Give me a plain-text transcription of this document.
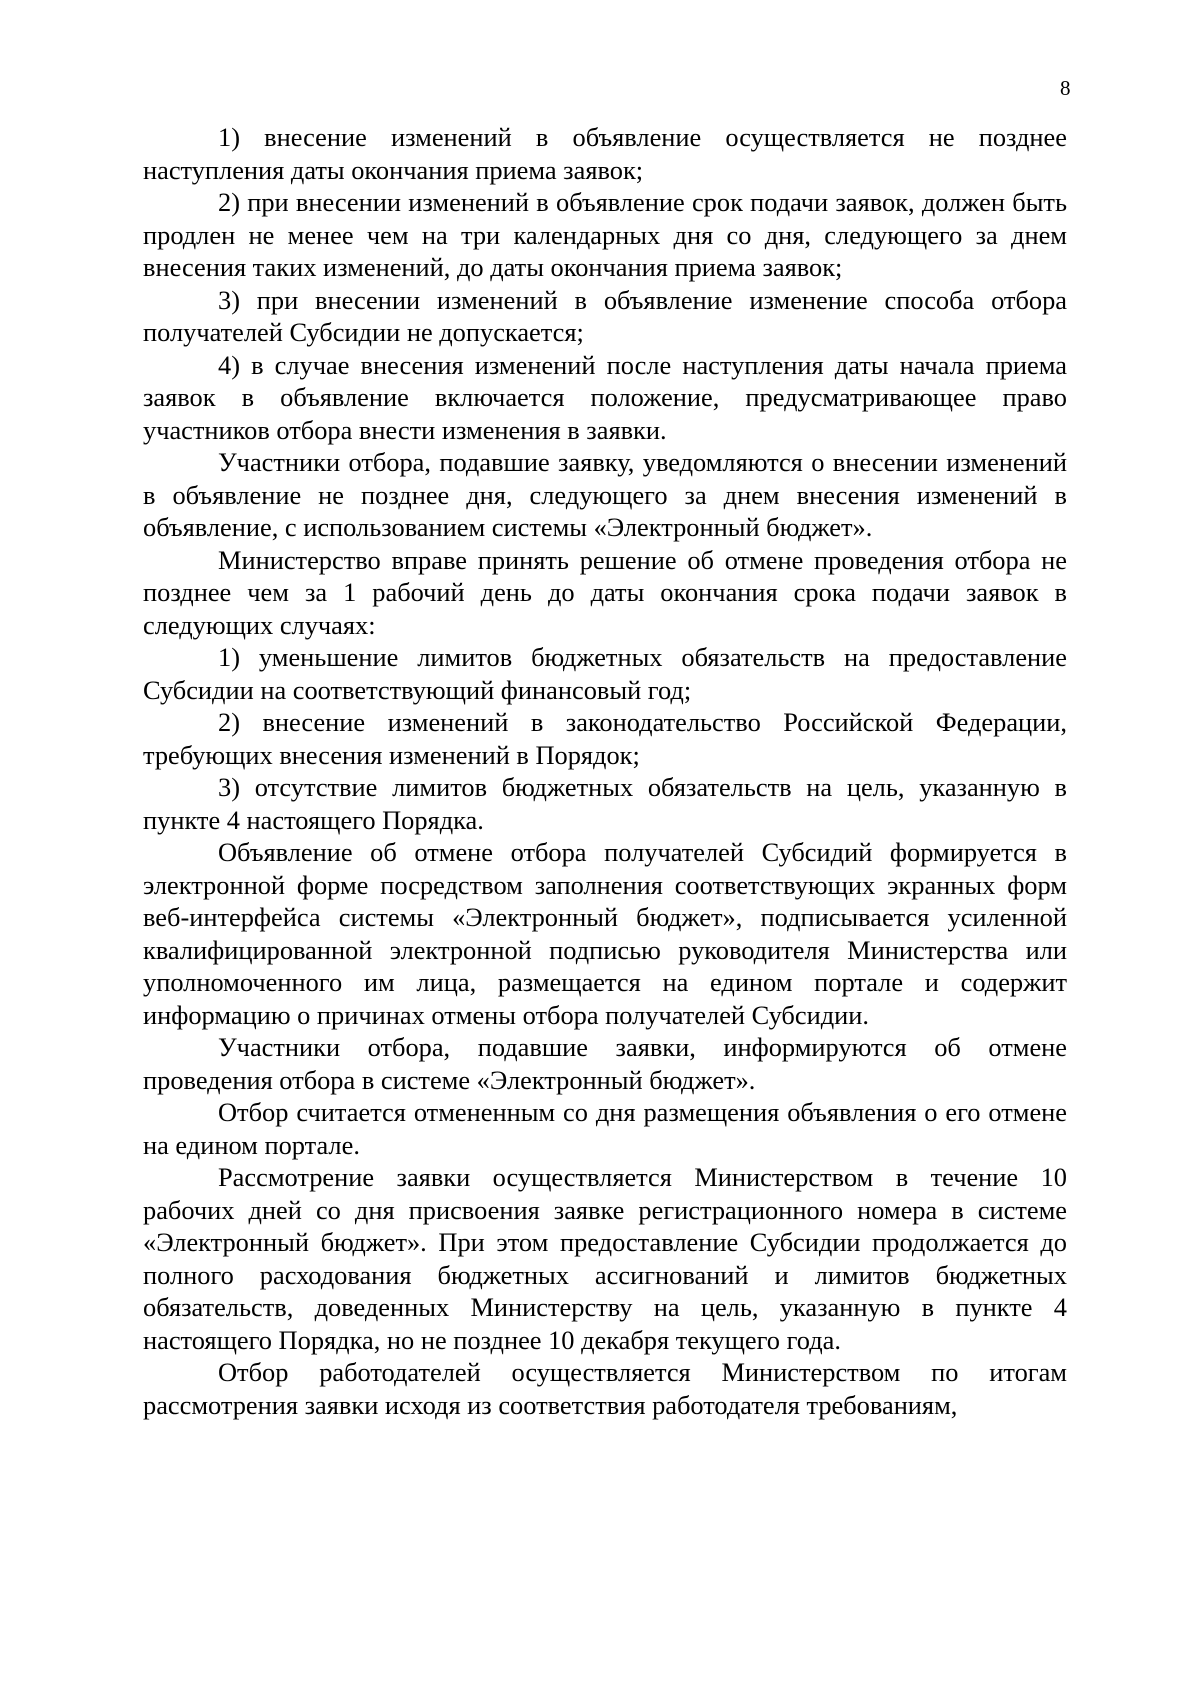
8

1) внесение изменений в объявление осуществляется не позднее наступления даты окончания приема заявок;

2) при внесении изменений в объявление срок подачи заявок, должен быть продлен не менее чем на три календарных дня со дня, следующего за днем внесения таких изменений, до даты окончания приема заявок;

3) при внесении изменений в объявление изменение способа отбора получателей Субсидии не допускается;

4) в случае внесения изменений после наступления даты начала приема заявок в объявление включается положение, предусматривающее право участников отбора внести изменения в заявки.

Участники отбора, подавшие заявку, уведомляются о внесении изменений в объявление не позднее дня, следующего за днем внесения изменений в объявление, с использованием системы «Электронный бюджет».

Министерство вправе принять решение об отмене проведения отбора не позднее чем за 1 рабочий день до даты окончания срока подачи заявок в следующих случаях:

1) уменьшение лимитов бюджетных обязательств на предоставление Субсидии на соответствующий финансовый год;

2) внесение изменений в законодательство Российской Федерации, требующих внесения изменений в Порядок;

3) отсутствие лимитов бюджетных обязательств на цель, указанную в пункте 4 настоящего Порядка.

Объявление об отмене отбора получателей Субсидий формируется в электронной форме посредством заполнения соответствующих экранных форм веб-интерфейса системы «Электронный бюджет», подписывается усиленной квалифицированной электронной подписью руководителя Министерства или уполномоченного им лица, размещается на едином портале и содержит информацию о причинах отмены отбора получателей Субсидии.

Участники отбора, подавшие заявки, информируются об отмене проведения отбора в системе «Электронный бюджет».

Отбор считается отмененным со дня размещения объявления о его отмене на едином портале.

Рассмотрение заявки осуществляется Министерством в течение 10 рабочих дней со дня присвоения заявке регистрационного номера в системе «Электронный бюджет». При этом предоставление Субсидии продолжается до полного расходования бюджетных ассигнований и лимитов бюджетных обязательств, доведенных Министерству на цель, указанную в пункте 4 настоящего Порядка, но не позднее 10 декабря текущего года.

Отбор работодателей осуществляется Министерством по итогам рассмотрения заявки исходя из соответствия работодателя требованиям,
